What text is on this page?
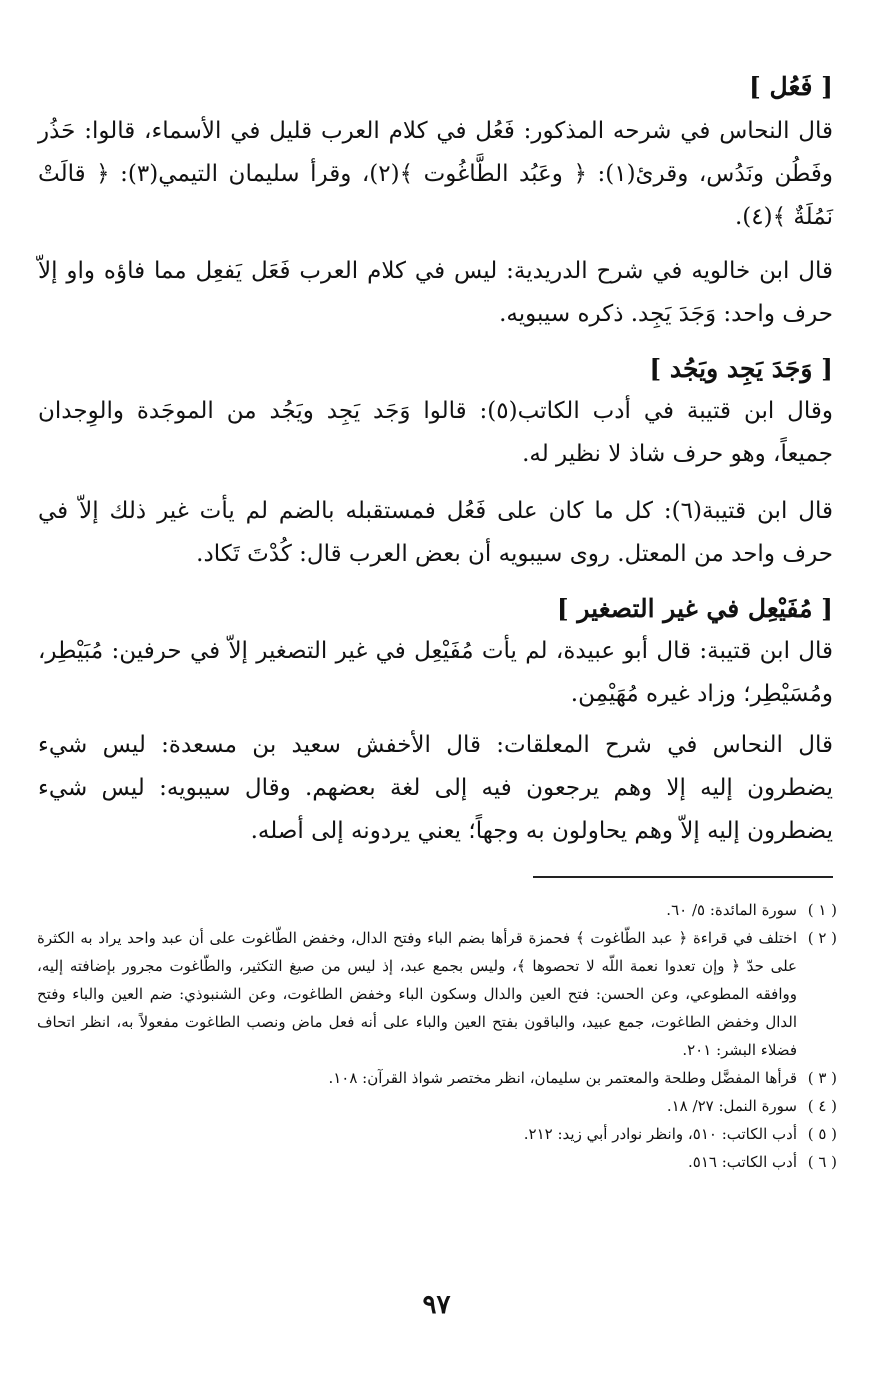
[ فَعُل ]

قال النحاس في شرحه المذكور: فَعُل في كلام العرب قليل في الأسماء، قالوا: حَذُر وفَطُن ونَدُس، وقرئ(١): ﴿ وعَبُد الطَّاغُوت ﴾(٢)، وقرأ سليمان التيمي(٣): ﴿ قالَتْ نَمُلَةٌ ﴾(٤).

قال ابن خالويه في شرح الدريدية: ليس في كلام العرب فَعَل يَفعِل مما فاؤه واو إلاّ حرف واحد: وَجَدَ يَجِد. ذكره سيبويه.

[ وَجَدَ يَجِد ويَجُد ]

وقال ابن قتيبة في أدب الكاتب(٥): قالوا وَجَد يَجِد ويَجُد من الموجَدة والوِجدان جميعاً، وهو حرف شاذ لا نظير له.

قال ابن قتيبة(٦): كل ما كان على فَعُل فمستقبله بالضم لم يأت غير ذلك إلاّ في حرف واحد من المعتل. روى سيبويه أن بعض العرب قال: كُدْتَ تَكاد.

[ مُفَيْعِل في غير التصغير ]

قال ابن قتيبة: قال أبو عبيدة، لم يأت مُفَيْعِل في غير التصغير إلاّ في حرفين: مُبَيْطِر، ومُسَيْطِر؛ وزاد غيره مُهَيْمِن.

قال النحاس في شرح المعلقات: قال الأخفش سعيد بن مسعدة: ليس شيء يضطرون إليه إلا وهم يرجعون فيه إلى لغة بعضهم. وقال سيبويه: ليس شيء يضطرون إليه إلاّ وهم يحاولون به وجهاً؛ يعني يردونه إلى أصله.

( ١ )
سورة المائدة: ٥/ ٦٠.
( ٢ )
اختلف في قراءة ﴿ عبد الطّاغوت ﴾ فحمزة قرأها بضم الباء وفتح الدال، وخفض الطّاغوت على أن عبد واحد يراد به الكثرة على حدّ ﴿ وإن تعدوا نعمة اللّه لا تحصوها ﴾، وليس بجمع عبد، إذ ليس من صيغ التكثير، والطّاغوت مجرور بإضافته إليه، ووافقه المطوعي، وعن الحسن: فتح العين والدال وسكون الباء وخفض الطاغوت، وعن الشنبوذي: ضم العين والباء وفتح الدال وخفض الطاغوت، جمع عبيد، والباقون بفتح العين والباء على أنه فعل ماض ونصب الطاغوت مفعولاً به، انظر اتحاف فضلاء البشر: ٢٠١.
( ٣ )
قرأها المفضَّل وطلحة والمعتمر بن سليمان، انظر مختصر شواذ القرآن: ١٠٨.
( ٤ )
سورة النمل: ٢٧/ ١٨.
( ٥ )
أدب الكاتب: ٥١٠، وانظر نوادر أبي زيد: ٢١٢.
( ٦ )
أدب الكاتب: ٥١٦.
٩٧
